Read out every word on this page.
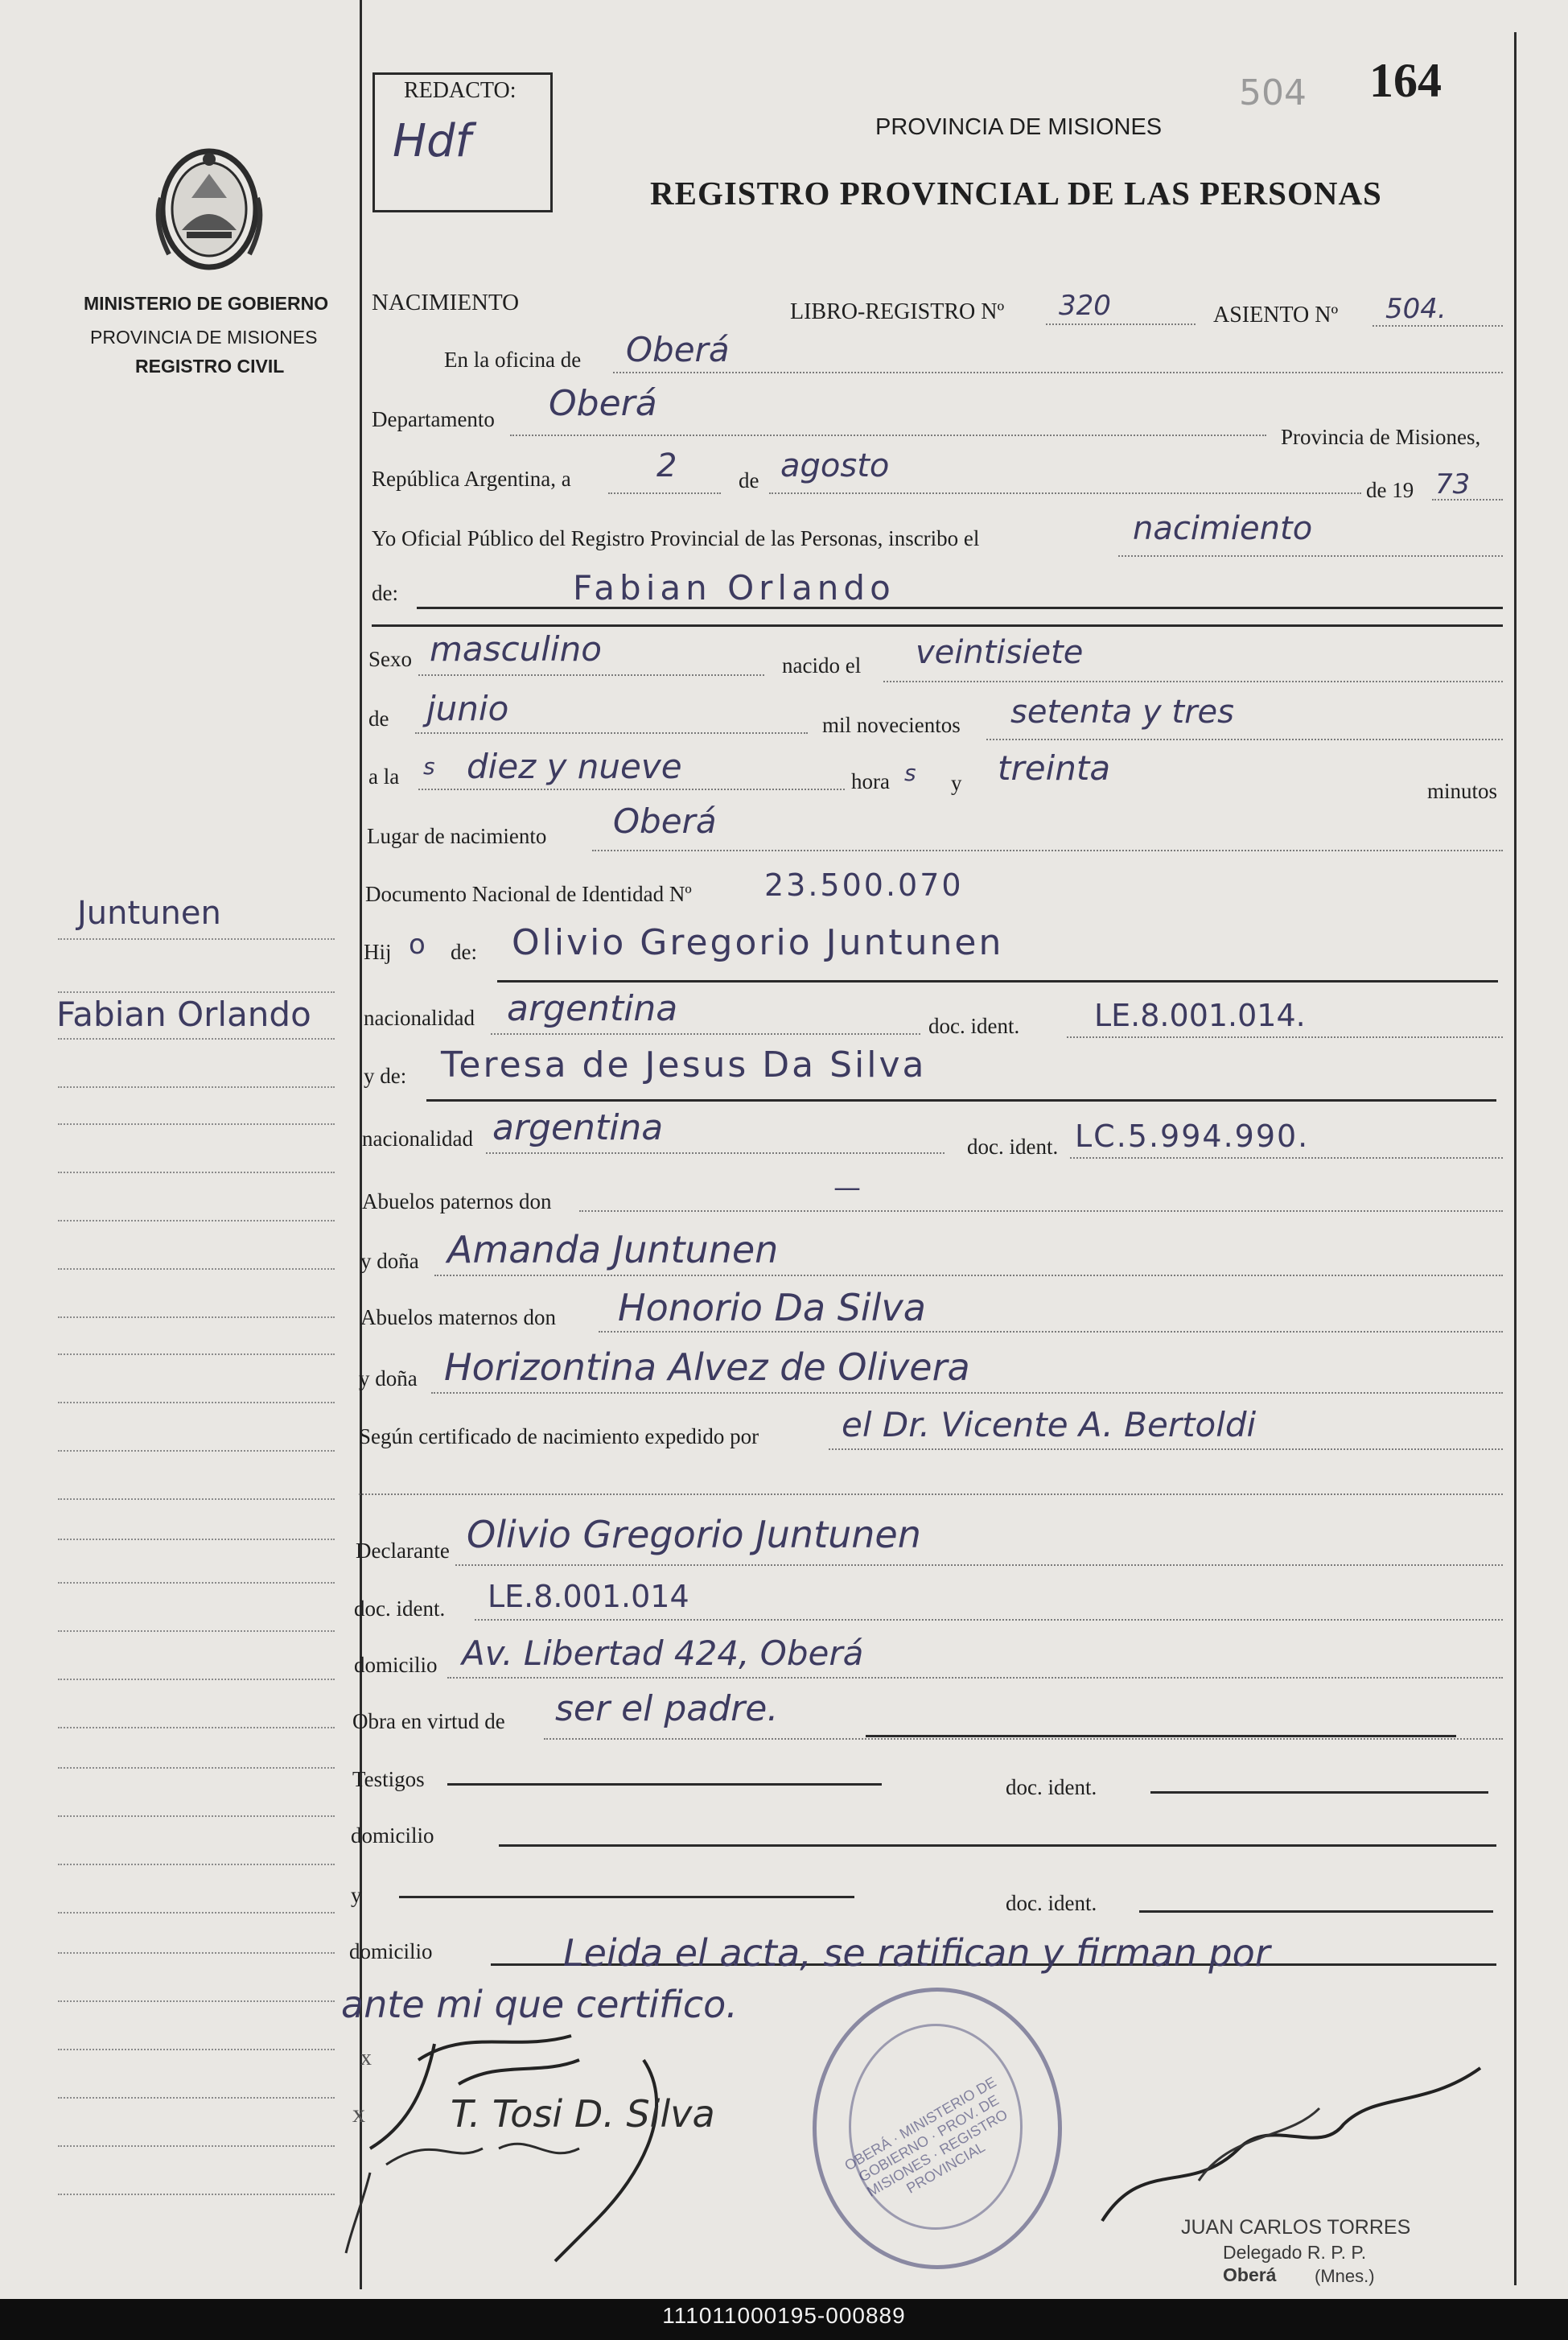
REDACTO:
Hdf	PROVINCIA DE MISIONES
REGISTRO PROVINCIAL DE LAS PERSONAS
164
504
MINISTERIO DE GOBIERNO
PROVINCIA DE MISIONES
REGISTRO CIVIL
Juntunen
Fabian Orlando
NACIMIENTO	LIBRO-REGISTRO Nº 320	ASIENTO Nº 504.
En la oficina de Oberá
Departamento Oberá
Provincia de Misiones,
República Argentina, a	2	de agosto
de 19 73
Yo Oficial Público del Registro Provincial de las Personas, inscribo el	nacimiento
de:	Fabian Orlando
Sexo masculino	nacido el veintisiete
de junio	mil novecientos setenta y tres
a la s diez y nueve	hora s y treinta
minutos
Lugar de nacimiento Oberá
Documento Nacional de Identidad Nº 23.500.070
Hij o de: Olivio Gregorio Juntunen
nacionalidad argentina	doc. ident. LE.8.001.014.
y de: Teresa de Jesus Da Silva
nacionalidad argentina	doc. ident. LC.5.994.990.
Abuelos paternos don	—
y doña Amanda Juntunen
Abuelos maternos don Honorio Da Silva
y doña Horizontina Alvez de Olivera
Según certificado de nacimiento expedido por el Dr. Vicente A. Bertoldi
Declarante Olivio Gregorio Juntunen
doc. ident. LE.8.001.014
domicilio Av. Libertad 424, Oberá
Obra en virtud de ser el padre.
Testigos	doc. ident.
domicilio
y	doc. ident.
domicilio	Leida el acta, se ratifican y firman por
ante mi que certifico.
x
x T. Tosi D. Silva	OBERÁ · MINISTERIO DE GOBIERNO · PROV. DE MISIONES · REGISTRO PROVINCIAL
JUAN CARLOS TORRES
Delegado R. P. P.
Oberá (Mnes.)
111011000195-000889
